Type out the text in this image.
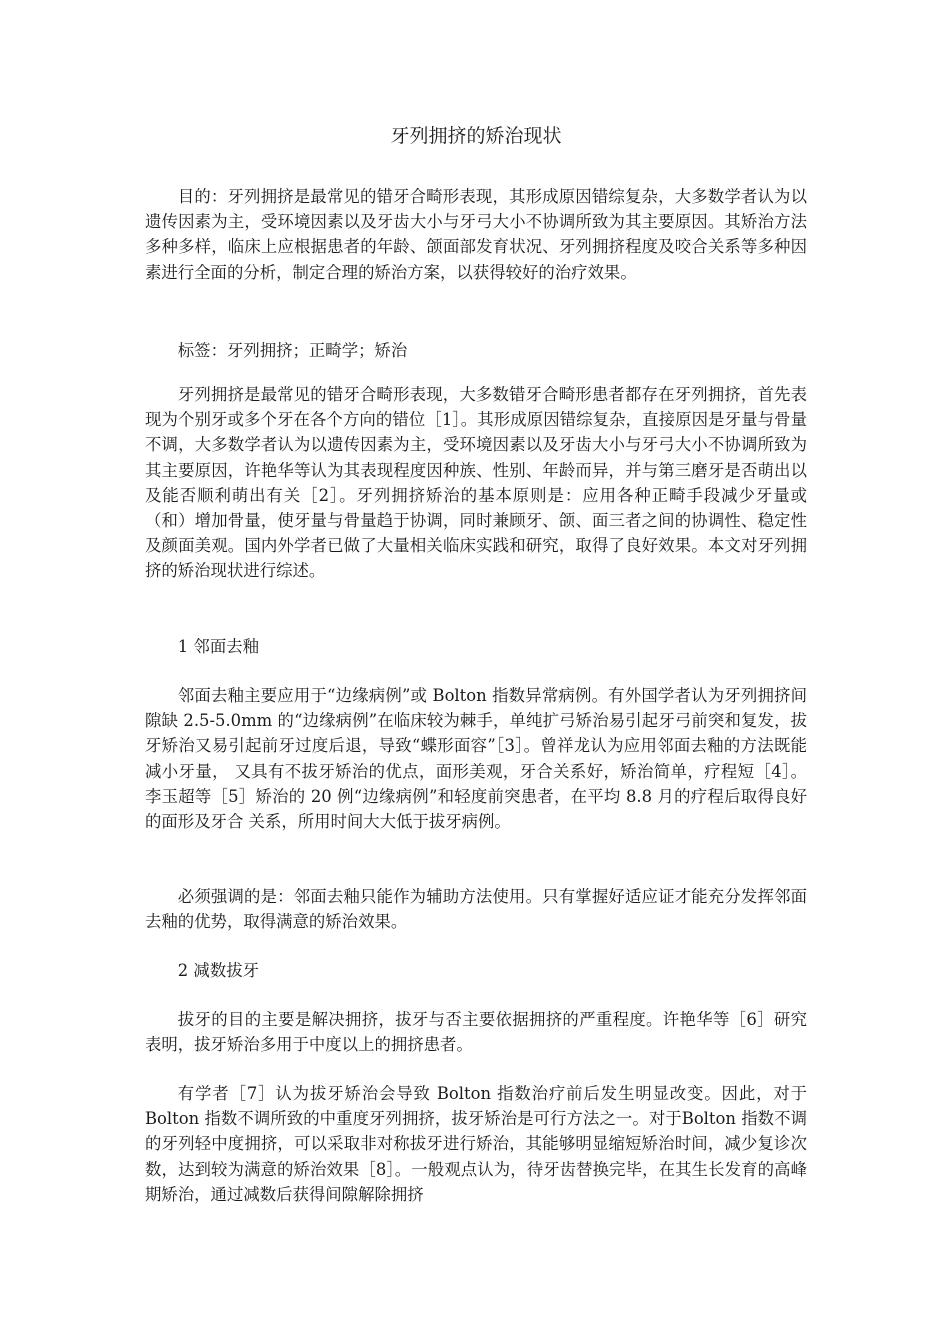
牙列拥挤的矫治现状

目的：牙列拥挤是最常见的错牙合畸形表现，其形成原因错综复杂，大多数学者认为以遗传因素为主，受环境因素以及牙齿大小与牙弓大小不协调所致为其主要原因。其矫治方法多种多样，临床上应根据患者的年龄、颌面部发育状况、牙列拥挤程度及咬合关系等多种因素进行全面的分析，制定合理的矫治方案，以获得较好的治疗效果。

标签：牙列拥挤；正畸学；矫治

牙列拥挤是最常见的错牙合畸形表现，大多数错牙合畸形患者都存在牙列拥挤，首先表现为个别牙或多个牙在各个方向的错位［1］。其形成原因错综复杂，直接原因是牙量与骨量不调，大多数学者认为以遗传因素为主，受环境因素以及牙齿大小与牙弓大小不协调所致为其主要原因，许艳华等认为其表现程度因种族、性别、年龄而异，并与第三磨牙是否萌出以及能否顺利萌出有关［2］。牙列拥挤矫治的基本原则是：应用各种正畸手段减少牙量或（和）增加骨量，使牙量与骨量趋于协调，同时兼顾牙、颌、面三者之间的协调性、稳定性及颜面美观。国内外学者已做了大量相关临床实践和研究，取得了良好效果。本文对牙列拥挤的矫治现状进行综述。

1 邻面去釉

邻面去釉主要应用于“边缘病例”或 Bolton 指数异常病例。有外国学者认为牙列拥挤间隙缺 2.5-5.0mm 的“边缘病例”在临床较为棘手，单纯扩弓矫治易引起牙弓前突和复发，拔牙矫治又易引起前牙过度后退，导致“蝶形面容”［3］。曾祥龙认为应用邻面去釉的方法既能减小牙量， 又具有不拔牙矫治的优点，面形美观，牙合关系好，矫治简单，疗程短［4］。李玉超等［5］矫治的 20 例“边缘病例”和轻度前突患者，在平均 8.8 月的疗程后取得良好的面形及牙合 关系，所用时间大大低于拔牙病例。

必须强调的是：邻面去釉只能作为辅助方法使用。只有掌握好适应证才能充分发挥邻面去釉的优势，取得满意的矫治效果。

2 减数拔牙

拔牙的目的主要是解决拥挤，拔牙与否主要依据拥挤的严重程度。许艳华等［6］研究表明，拔牙矫治多用于中度以上的拥挤患者。

有学者［7］认为拔牙矫治会导致 Bolton 指数治疗前后发生明显改变。因此，对于 Bolton 指数不调所致的中重度牙列拥挤，拔牙矫治是可行方法之一。对于Bolton 指数不调的牙列轻中度拥挤，可以采取非对称拔牙进行矫治，其能够明显缩短矫治时间，减少复诊次数，达到较为满意的矫治效果［8］。一般观点认为，待牙齿替换完毕，在其生长发育的高峰期矫治，通过减数后获得间隙解除拥挤
